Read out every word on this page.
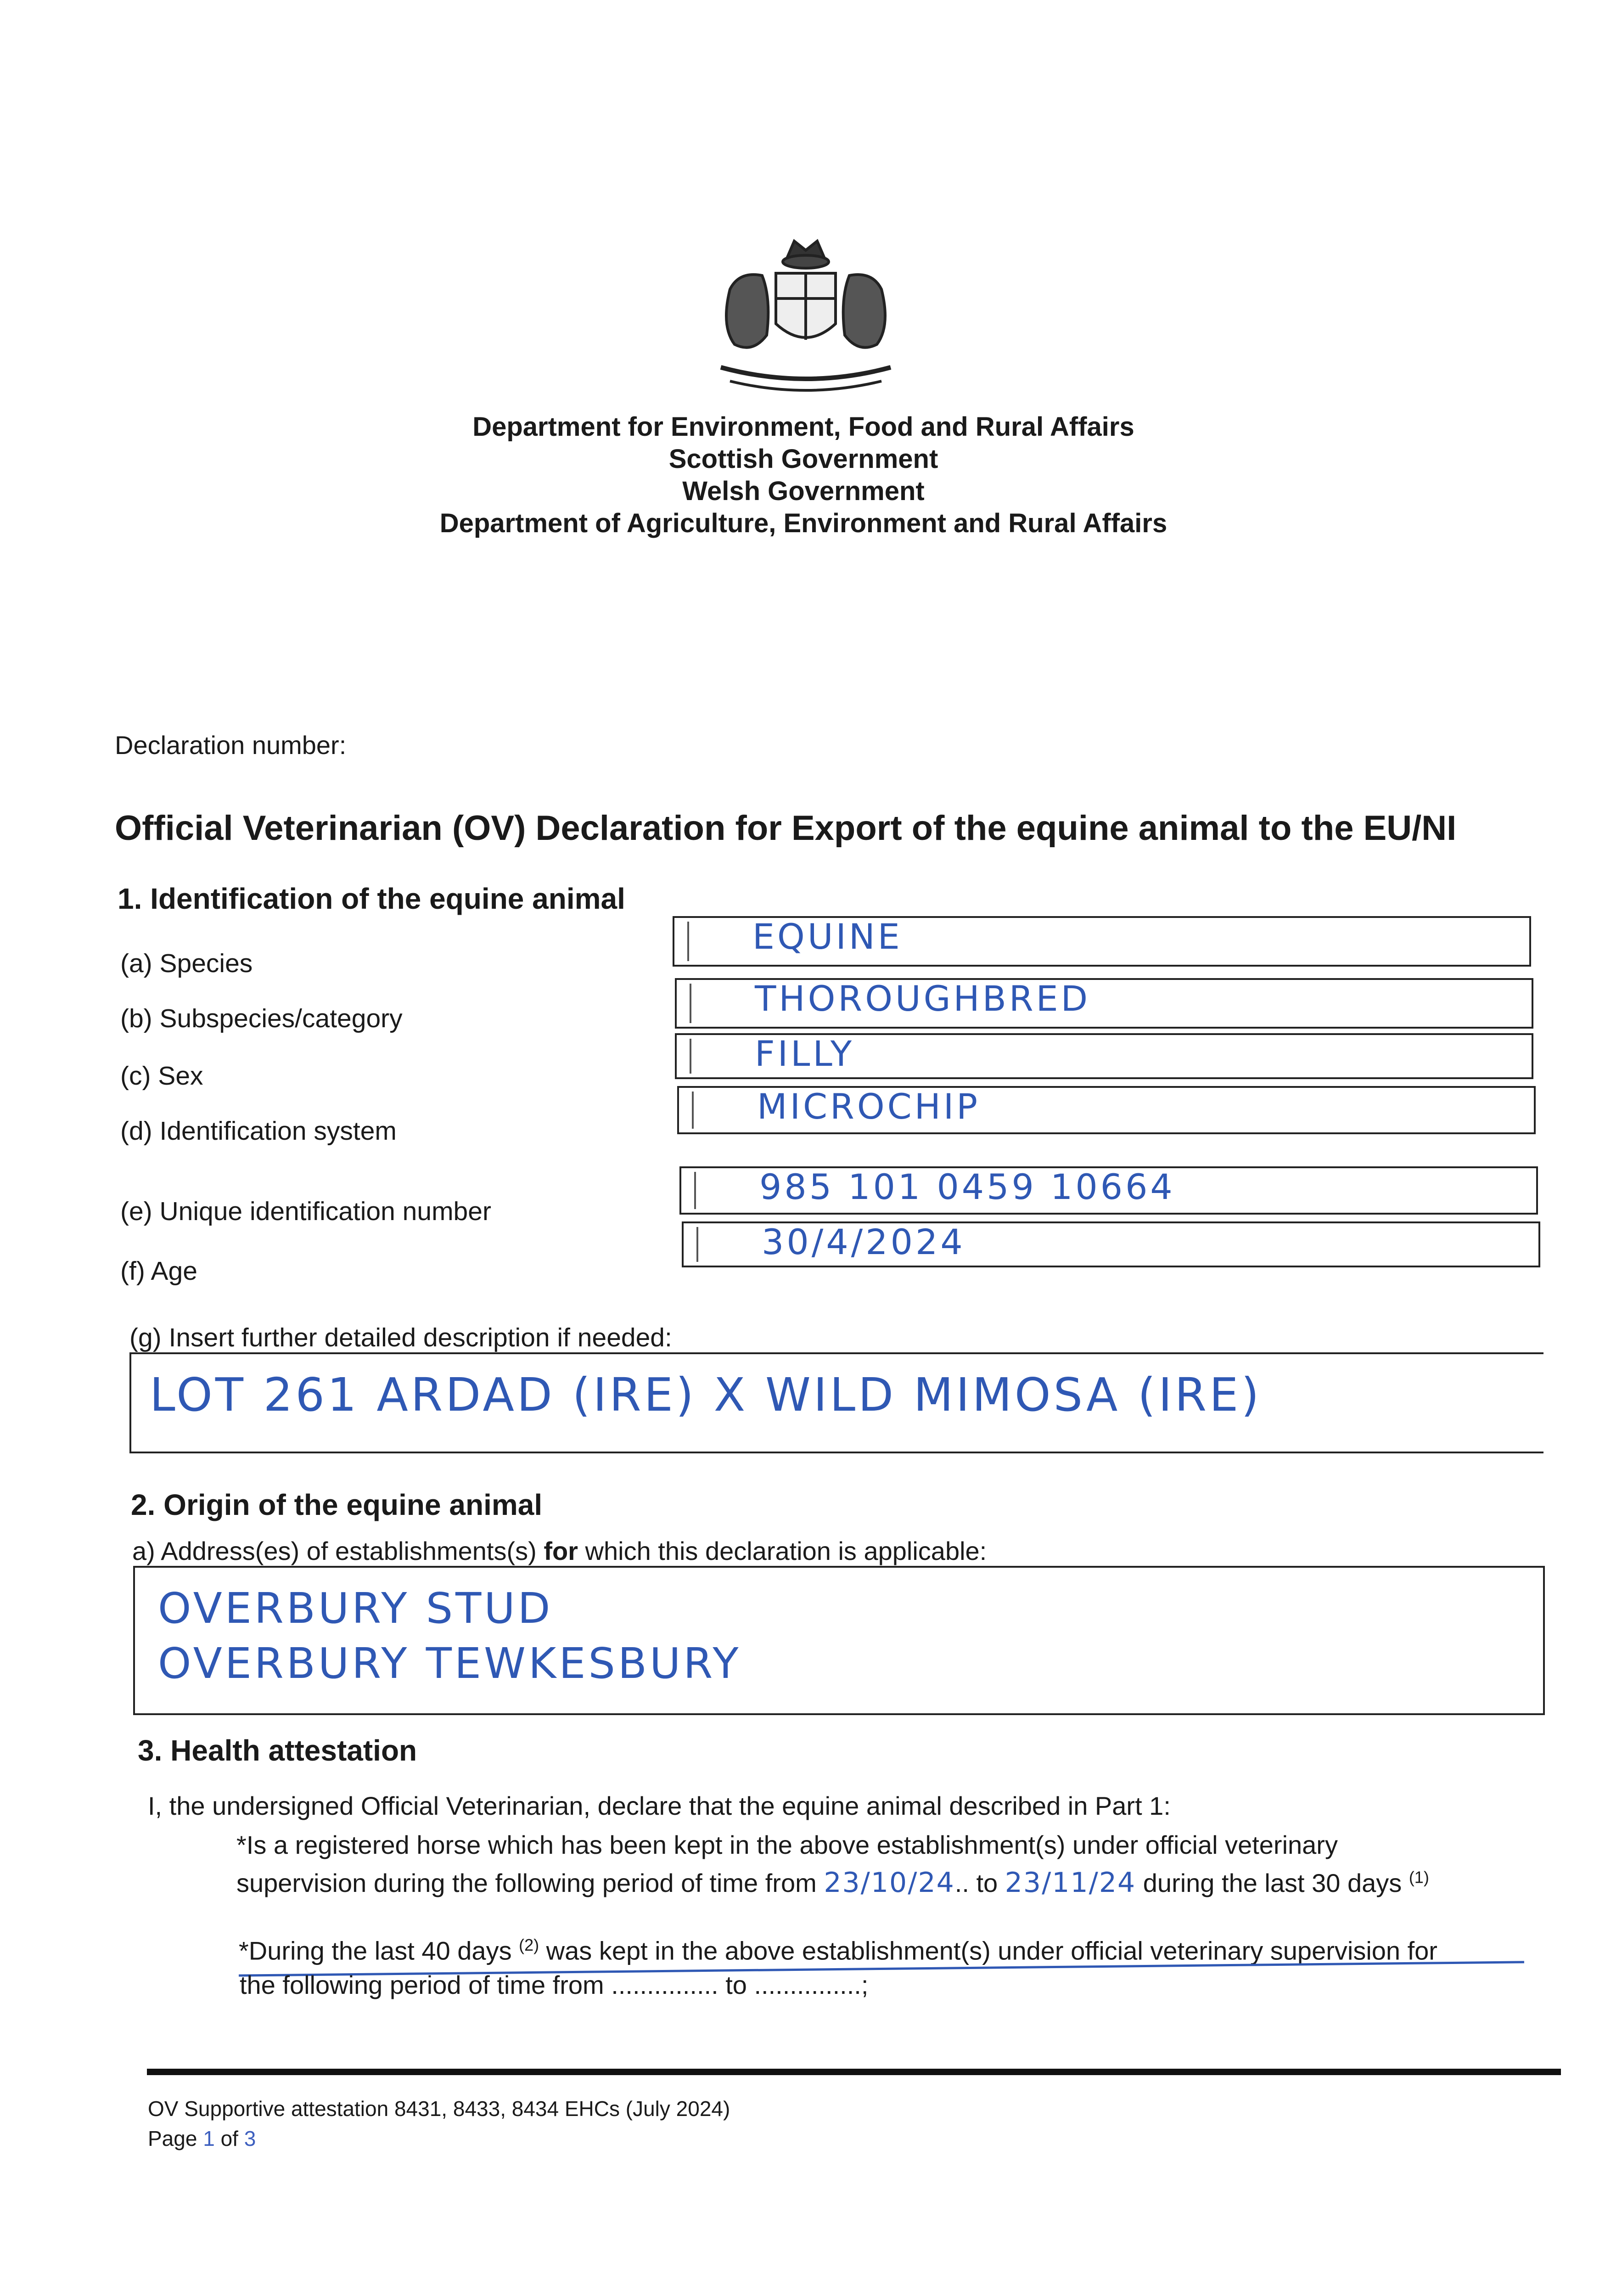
Department for Environment, Food and Rural Affairs
Scottish Government
Welsh Government
Department of Agriculture, Environment and Rural Affairs
Declaration number:
Official Veterinarian (OV) Declaration for Export of the equine animal to the EU/NI
1. Identification of the equine animal
(a) Species
(b) Subspecies/category
(c) Sex
(d) Identification system
(e) Unique identification number
(f) Age
EQUINE
THOROUGHBRED
FILLY
MICROCHIP
985 101 0459 10664
30/4/2024
(g) Insert further detailed description if needed:
LOT 261 ARDAD (IRE) X WILD MIMOSA (IRE)
2. Origin of the equine animal
a) Address(es) of establishments(s) for which this declaration is applicable:
OVERBURY STUD
OVERBURY TEWKESBURY
3. Health attestation
I, the undersigned Official Veterinarian, declare that the equine animal described in Part 1:
*Is a registered horse which has been kept in the above establishment(s) under official veterinary
supervision during the following period of time from 23/10/24.. to 23/11/24 during the last 30 days $^{(1)}$
*During the last 40 days $^{(2)}$ was kept in the above establishment(s) under official veterinary supervision for
the following period of time from ............... to ...............;
OV Supportive attestation 8431, 8433, 8434 EHCs (July 2024)
Page 1 of 3
